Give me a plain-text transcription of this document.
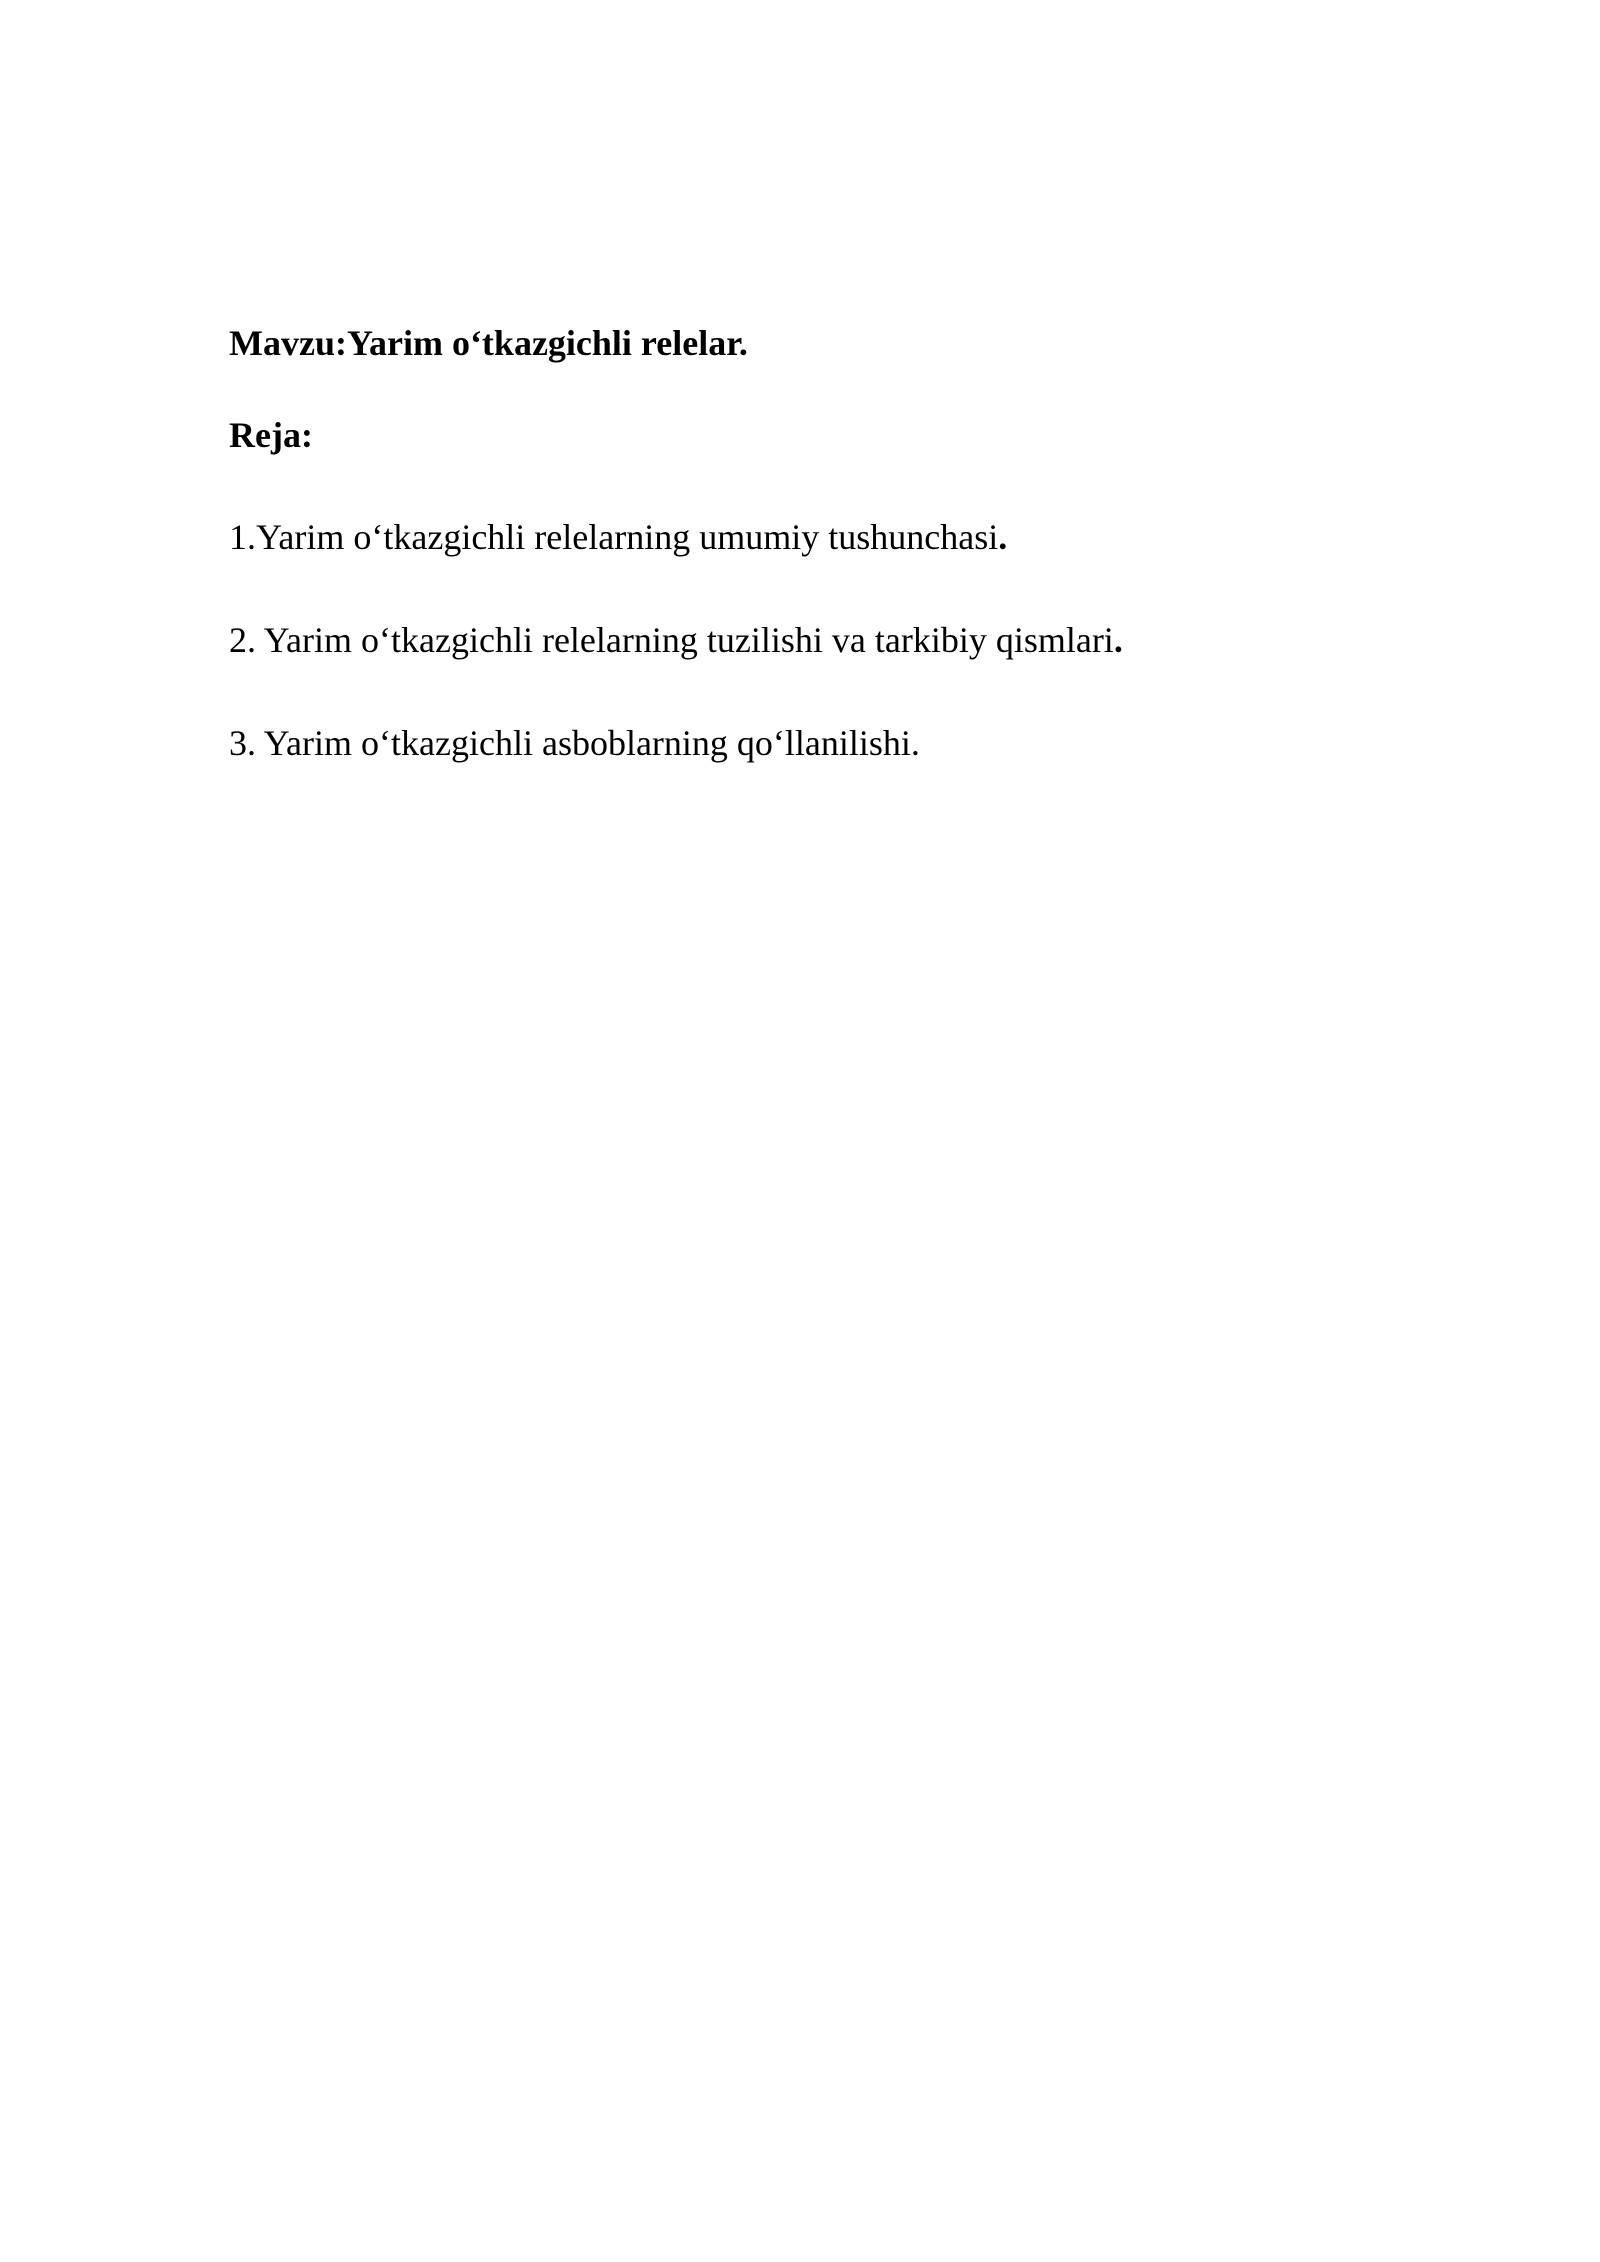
Mavzu:Yarim o‘tkazgichli relelar.

Reja:

1.Yarim o‘tkazgichli relelarning umumiy tushunchasi.
2. Yarim o‘tkazgichli relelarning tuzilishi va tarkibiy qismlari.
3. Yarim o‘tkazgichli asboblarning qo‘llanilishi.
